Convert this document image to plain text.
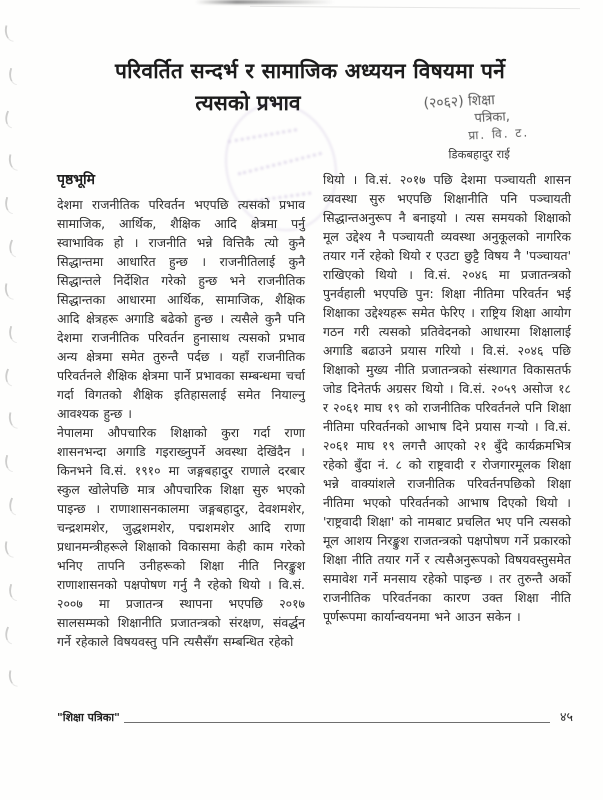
परिवर्तित सन्दर्भ र सामाजिक अध्ययन विषयमा पर्ने
त्यसको प्रभाव	(२०६२) शिक्षा
पत्रिका,
प्रा. वि. ट.
डिकबहादुर राई
पृष्ठभूमि

देशमा राजनीतिक परिवर्तन भएपछि त्यसको प्रभाव सामाजिक, आर्थिक, शैक्षिक आदि क्षेत्रमा पर्नु स्वाभाविक हो । राजनीति भन्ने वित्तिकै त्यो कुनै सिद्धान्तमा आधारित हुन्छ । राजनीतिलाई कुनै सिद्धान्तले निर्देशित गरेको हुन्छ भने राजनीतिक सिद्धान्तका आधारमा आर्थिक, सामाजिक, शैक्षिक आदि क्षेत्रहरू अगाडि बढेको हुन्छ । त्यसैले कुनै पनि देशमा राजनीतिक परिवर्तन हुनासाथ त्यसको प्रभाव अन्य क्षेत्रमा समेत तुरुन्तै पर्दछ । यहाँ राजनीतिक परिवर्तनले शैक्षिक क्षेत्रमा पार्ने प्रभावका सम्बन्धमा चर्चा गर्दा विगतको शैक्षिक इतिहासलाई समेत नियाल्नु आवश्यक हुन्छ ।

नेपालमा औपचारिक शिक्षाको कुरा गर्दा राणा शासनभन्दा अगाडि गइराख्नुपर्ने अवस्था देखिंदैन । किनभने वि.सं. १९१० मा जङ्गबहादुर राणाले दरबार स्कुल खोलेपछि मात्र औपचारिक शिक्षा सुरु भएको पाइन्छ । राणाशासनकालमा जङ्गबहादुर, देवशमशेर, चन्द्रशमशेर, जुद्धशमशेर, पद्मशमशेर आदि राणा प्रधानमन्त्रीहरूले शिक्षाको विकासमा केही काम गरेको भनिए तापनि उनीहरूको शिक्षा नीति निरङ्कुश राणाशासनको पक्षपोषण गर्नु नै रहेको थियो । वि.सं. २००७ मा प्रजातन्त्र स्थापना भएपछि २०१७ सालसम्मको शिक्षानीति प्रजातन्त्रको संरक्षण, संवर्द्धन गर्ने रहेकाले विषयवस्तु पनि त्यसैसँग सम्बन्धित रहेको

थियो । वि.सं. २०१७ पछि देशमा पञ्चायती शासन व्यवस्था सुरु भएपछि शिक्षानीति पनि पञ्चायती सिद्धान्तअनुरूप नै बनाइयो । त्यस समयको शिक्षाको मूल उद्देश्य नै पञ्चायती व्यवस्था अनुकूलको नागरिक तयार गर्ने रहेको थियो र एउटा छुट्टै विषय नै 'पञ्चायत' राखिएको थियो । वि.सं. २०४६ मा प्रजातन्त्रको पुनर्वहाली भएपछि पुन: शिक्षा नीतिमा परिवर्तन भई शिक्षाका उद्देश्यहरू समेत फेरिए । राष्ट्रिय शिक्षा आयोग गठन गरी त्यसको प्रतिवेदनको आधारमा शिक्षालाई अगाडि बढाउने प्रयास गरियो । वि.सं. २०४६ पछि शिक्षाको मुख्य नीति प्रजातन्त्रको संस्थागत विकासतर्फ जोड दिनेतर्फ अग्रसर थियो । वि.सं. २०५९ असोज १८ र २०६१ माघ १९ को राजनीतिक परिवर्तनले पनि शिक्षा नीतिमा परिवर्तनको आभाष दिने प्रयास गऱ्यो । वि.सं. २०६१ माघ १९ लगत्तै आएको २१ बुँदे कार्यक्रमभित्र रहेको बुँदा नं. ८ को राष्ट्रवादी र रोजगारमूलक शिक्षा भन्ने वाक्यांशले राजनीतिक परिवर्तनपछिको शिक्षा नीतिमा भएको परिवर्तनको आभाष दिएको थियो । 'राष्ट्रवादी शिक्षा' को नामबाट प्रचलित भए पनि त्यसको मूल आशय निरङ्कुश राजतन्त्रको पक्षपोषण गर्ने प्रकारको शिक्षा नीति तयार गर्ने र त्यसैअनुरूपको विषयवस्तुसमेत समावेश गर्ने मनसाय रहेको पाइन्छ । तर तुरुन्तै अर्को राजनीतिक परिवर्तनका कारण उक्त शिक्षा नीति पूर्णरूपमा कार्यान्वयनमा भने आउन सकेन ।

"शिक्षा पत्रिका"	४५
